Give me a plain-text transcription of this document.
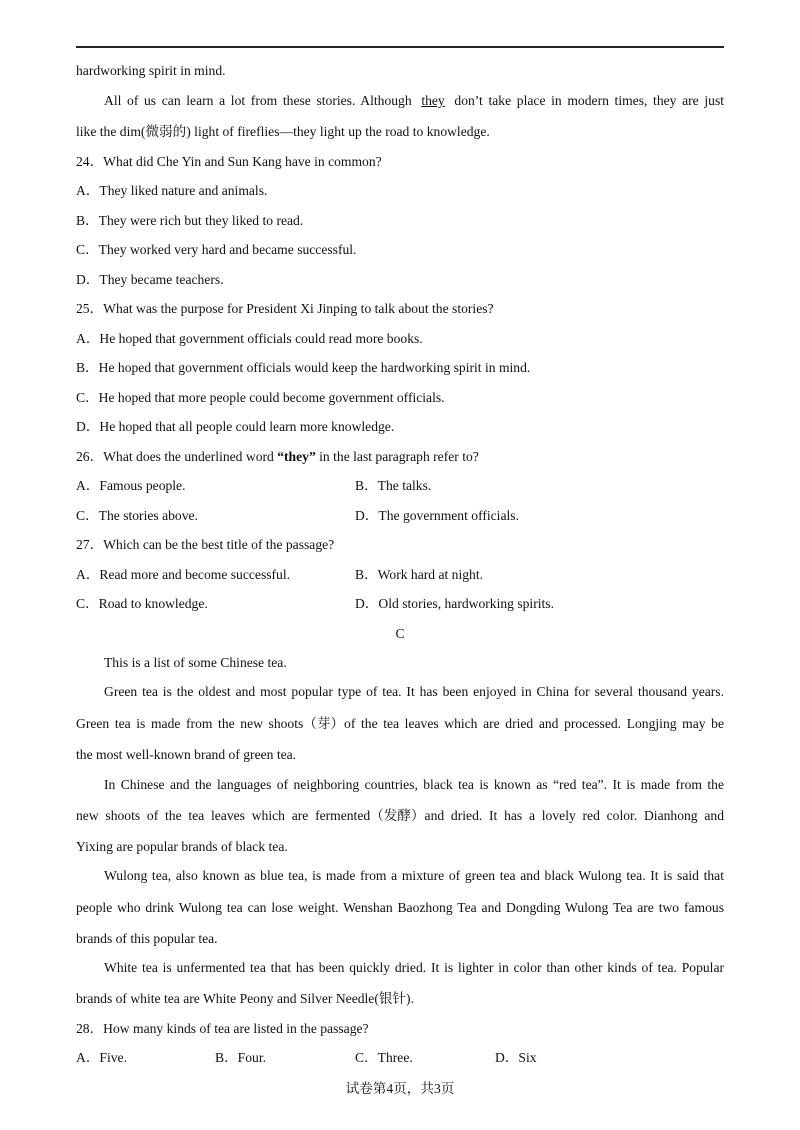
hardworking spirit in mind.
All of us can learn a lot from these stories. Although they don’t take place in modern times, they are just
like the dim(微弱的) light of fireflies—they light up the road to knowledge.
24．What did Che Yin and Sun Kang have in common?
A．They liked nature and animals.
B．They were rich but they liked to read.
C．They worked very hard and became successful.
D．They became teachers.
25．What was the purpose for President Xi Jinping to talk about the stories?
A．He hoped that government officials could read more books.
B．He hoped that government officials would keep the hardworking spirit in mind.
C．He hoped that more people could become government officials.
D．He hoped that all people could learn more knowledge.
26．What does the underlined word “they” in the last paragraph refer to?
A．Famous people.	B．The talks.
C．The stories above.	D．The government officials.
27．Which can be the best title of the passage?
A．Read more and become successful.	B．Work hard at night.
C．Road to knowledge.	D．Old stories, hardworking spirits.
C
This is a list of some Chinese tea.
Green tea is the oldest and most popular type of tea. It has been enjoyed in China for several thousand years.
Green tea is made from the new shoots（芽）of the tea leaves which are dried and processed. Longjing may be
the most well-known brand of green tea.
In Chinese and the languages of neighboring countries, black tea is known as “red tea”. It is made from the
new shoots of the tea leaves which are fermented（发酵）and dried. It has a lovely red color. Dianhong and
Yixing are popular brands of black tea.
Wulong tea, also known as blue tea, is made from a mixture of green tea and black Wulong tea. It is said that
people who drink Wulong tea can lose weight. Wenshan Baozhong Tea and Dongding Wulong Tea are two famous
brands of this popular tea.
White tea is unfermented tea that has been quickly dried. It is lighter in color than other kinds of tea. Popular
brands of white tea are White Peony and Silver Needle(银针).
28．How many kinds of tea are listed in the passage?
A．Five.	B．Four.	C．Three.	D．Six
试卷第4页，共3页
